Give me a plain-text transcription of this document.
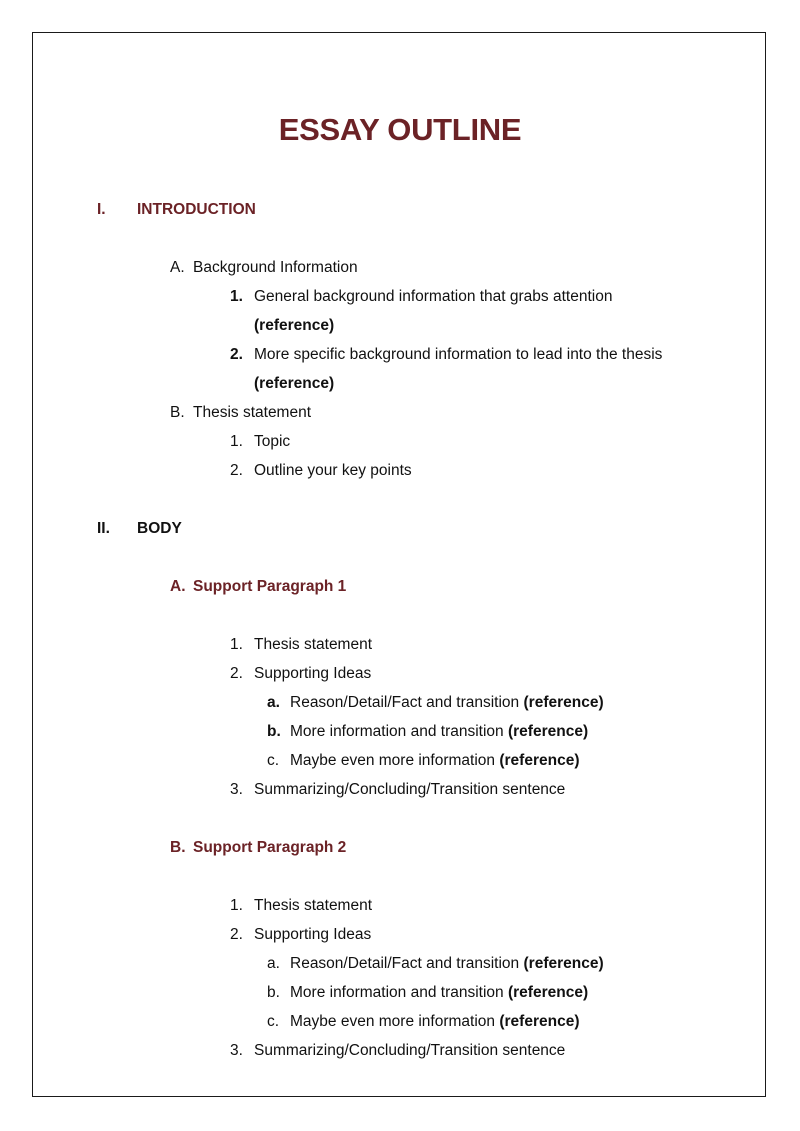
ESSAY OUTLINE
I. INTRODUCTION
A. Background Information
1. General background information that grabs attention
(reference)
2. More specific background information to lead into the thesis
(reference)
B. Thesis statement
1. Topic
2. Outline your key points
II. BODY
A. Support Paragraph 1
1. Thesis statement
2. Supporting Ideas
a. Reason/Detail/Fact and transition (reference)
b. More information and transition (reference)
c. Maybe even more information (reference)
3. Summarizing/Concluding/Transition sentence
B. Support Paragraph 2
1. Thesis statement
2. Supporting Ideas
a. Reason/Detail/Fact and transition (reference)
b. More information and transition (reference)
c. Maybe even more information (reference)
3. Summarizing/Concluding/Transition sentence
